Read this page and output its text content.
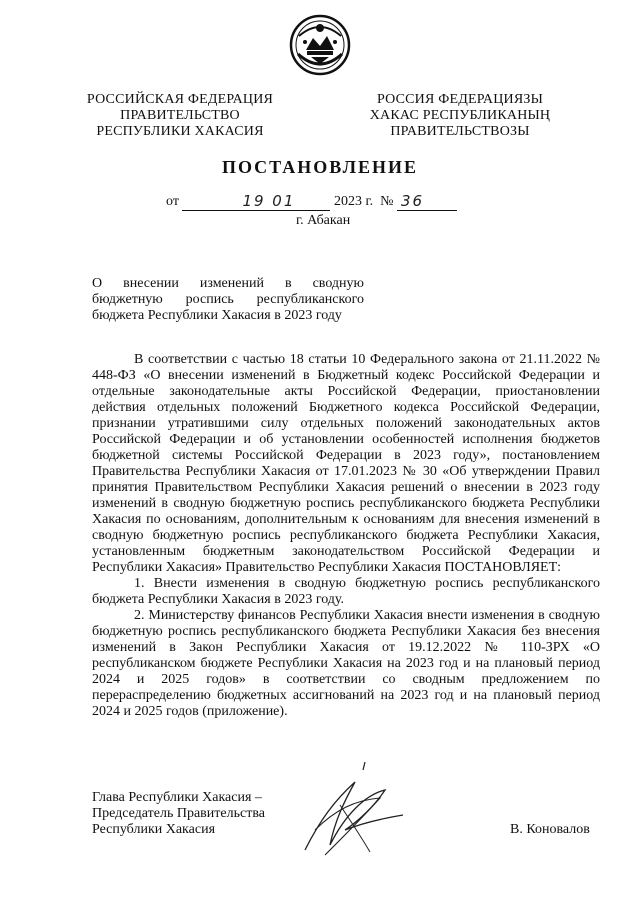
РОССИЙСКАЯ ФЕДЕРАЦИЯ
ПРАВИТЕЛЬСТВО
РЕСПУБЛИКИ ХАКАСИЯ
РОССИЯ ФЕДЕРАЦИЯЗЫ
ХАКАС РЕСПУБЛИКАНЫҢ
ПРАВИТЕЛЬСТВОЗЫ
ПОСТАНОВЛЕНИЕ
от	19 01	2023 г. № 36
г. Абакан
О внесении изменений в сводную бюджетную роспись республиканского бюджета Республики Хакасия в 2023 году

В соответствии с частью 18 статьи 10 Федерального закона от 21.11.2022 № 448-ФЗ «О внесении изменений в Бюджетный кодекс Российской Федерации и отдельные законодательные акты Российской Федерации, приостановлении действия отдельных положений Бюджетного кодекса Российской Федерации, признании утратившими силу отдельных положений законодательных актов Российской Федерации и об установлении особенностей исполнения бюджетов бюджетной системы Российской Федерации в 2023 году», постановлением Правительства Республики Хакасия от 17.01.2023 № 30 «Об утверждении Правил принятия Правительством Республики Хакасия решений о внесении в 2023 году изменений в сводную бюджетную роспись республиканского бюджета Республики Хакасия по основаниям, дополнительным к основаниям для внесения изменений в сводную бюджетную роспись республиканского бюджета Республики Хакасия, установленным бюджетным законодательством Российской Федерации и Республики Хакасия» Правительство Республики Хакасия ПОСТАНОВЛЯЕТ:

1. Внести изменения в сводную бюджетную роспись республиканского бюджета Республики Хакасия в 2023 году.

2. Министерству финансов Республики Хакасия внести изменения в сводную бюджетную роспись республиканского бюджета Республики Хакасия без внесения изменений в Закон Республики Хакасия от 19.12.2022 № 110-ЗРХ «О республиканском бюджете Республики Хакасия на 2023 год и на плановый период 2024 и 2025 годов» в соответствии со сводным предложением по перераспределению бюджетных ассигнований на 2023 год и на плановый период 2024 и 2025 годов (приложение).

Глава Республики Хакасия –
Председатель Правительства
Республики Хакасия	В. Коновалов
